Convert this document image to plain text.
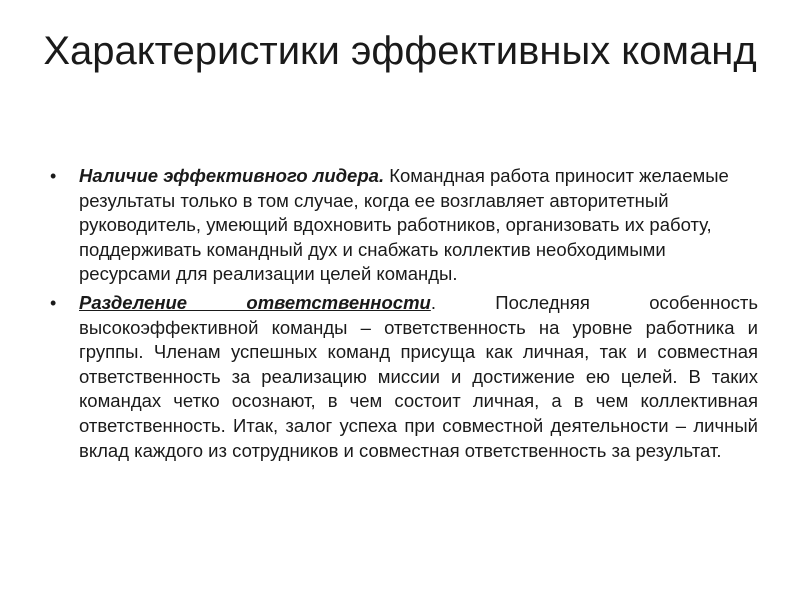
Характеристики эффективных команд
• Наличие эффективного лидера. Командная работа приносит желаемые результаты только в том случае, когда ее возглавляет авторитетный руководитель, умеющий вдохновить работников, организовать их работу, поддерживать командный дух и снабжать коллектив необходимыми ресурсами для реализации целей команды.
• Разделение ответственности. Последняя особенность высокоэффективной команды – ответственность на уровне работника и группы. Членам успешных команд присуща как личная, так и совместная ответственность за реализацию миссии и достижение ею целей. В таких командах четко осознают, в чем состоит личная, а в чем коллективная ответственность. Итак, залог успеха при совместной деятельности – личный вклад каждого из сотрудников и совместная ответственность за результат.
